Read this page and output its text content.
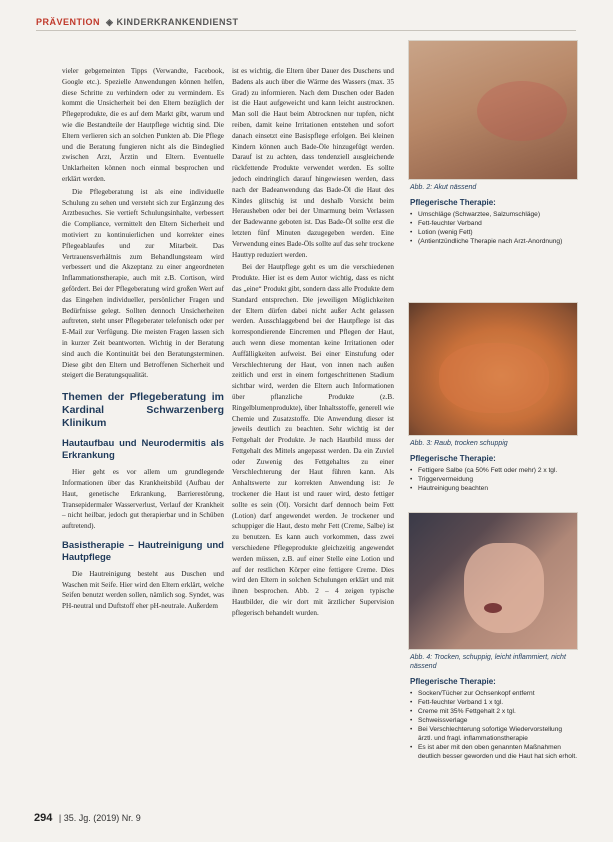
PRÄVENTION  ◈ KINDERKRANKENDIENST

vieler gebgemeinten Tipps (Verwandte, Facebook, Google etc.). Spezielle Anwendungen können helfen, diese Schritte zu verhindern oder zu vermindern. Es kommt die Unsicherheit bei den Eltern bezüglich der Pflegeprodukte, die es auf dem Markt gibt, warum und wie die Bestandteile der Hautpflege wichtig sind. Die Eltern verlieren sich an solchen Punkten ab. Die Pflege und die Beratung fungieren nicht als die Bindeglied zwischen Arzt, Ärztin und Eltern. Eventuelle Unklarheiten können noch einmal besprochen und erklärt werden.

Die Pflegeberatung ist als eine individuelle Schulung zu sehen und versteht sich zur Ergänzung des Arztbesuches. Sie vertieft Schulungsinhalte, verbessert die Compliance, vermittelt den Eltern Sicherheit und motiviert zu kontinuierlichen und korrekter eines Pflegeablaufes und zur Mitarbeit. Das Vertrauensverhältnis zum Behandlungsteam wird verbessert und die Akzeptanz zu einer angeordneten Inflammationstherapie, auch mit z.B. Cortison, wird gefördert. Bei der Pflegeberatung wird großen Wert auf das Eingehen individueller, persönlicher Fragen und Bedürfnisse gelegt. Sollten dennoch Unsicherheiten auftreten, steht unser Pflegeberater telefonisch oder per E-Mail zur Verfügung. Die meisten Fragen lassen sich in kurzer Zeit beantworten. Wichtig in der Beratung sind auch die Kontinuität bei den Beratungsterminen. Diese gibt den Eltern und Betroffenen Sicherheit und steigert die Beratungsqualität.

Themen der Pflegeberatung im Kardinal Schwarzenberg Klinikum
Hautaufbau und Neurodermitis als Erkrankung

Hier geht es vor allem um grundlegende Informationen über das Krankheitsbild (Aufbau der Haut, genetische Erkrankung, Barrierestörung, Transepidermaler Wasserverlust, Verlauf der Krankheit – nicht heilbar, jedoch gut therapierbar und in Schüben auftretend).

Basistherapie – Hautreinigung und Hautpflege

Die Hautreinigung besteht aus Duschen und Waschen mit Seife. Hier wird den Eltern erklärt, welche Seifen benutzt werden sollen, nämlich sog. Syndet, was PH-neutral und Duftstoff eher pH-neutrale. Außerdem

ist es wichtig, die Eltern über Dauer des Duschens und Badens als auch über die Wärme des Wassers (max. 35 Grad) zu informieren. Nach dem Duschen oder Baden ist die Haut aufgeweicht und kann leicht austrocknen. Man soll die Haut beim Abtrocknen nur tupfen, nicht reiben, damit keine Irritationen entstehen und sofort danach einsetzt eine Basispflege erfolgen. Bei kleinen Kindern können auch Bade-Öle hinzugefügt werden. Darauf ist zu achten, dass tendenziell ausgleichende rückfettende Produkte verwendet werden. Es sollte jedoch eindringlich darauf hingewiesen werden, dass nach der Badeanwendung das Bade-Öl die Haut des Kindes glitschig ist und deshalb Vorsicht beim Herausheben oder bei der Umarmung beim Verlassen der Badewanne geboten ist. Das Bade-Öl sollte erst die letzten fünf Minuten dazugegeben werden. Eine Verwendung eines Bade-Öls sollte auf das sehr trockene Hauttyp reduziert werden.

Bei der Hautpflege geht es um die verschiedenen Produkte. Hier ist es dem Autor wichtig, dass es nicht das „eine“ Produkt gibt, sondern dass alle Produkte dem Standard entsprechen. Die jeweiligen Möglichkeiten der Eltern dürfen dabei nicht außer Acht gelassen werden. Ausschlaggebend bei der Hautpflege ist das korrespondierende Eincremen und Pflegen der Haut, auch wenn diese momentan keine Irritationen oder Auffälligkeiten aufweist. Bei einer Einstufung oder Verschlechterung der Haut, von innen nach außen zeitlich und erst in einem fortgeschrittenen Stadium sichtbar wird, werden die Eltern auch Informationen über pflanzliche Produkte (z.B. Ringelblumenprodukte), über Inhaltsstoffe, generell wie Chemie und Zusatzstoffe. Die Anwendung dieser ist jeweils deutlich zu beachten. Sehr wichtig ist der Fettgehalt der Produkte. Je nach Hautbild muss der Fettgehalt des Mittels angepasst werden. Da ein Zuviel oder Zuwenig des Fettgehaltes zu einer Verschlechterung der Haut führen kann. Als Anhaltswerte zur korrekten Anwendung ist: Je trockener die Haut ist und rauer wird, desto fettiger sollte es sein (Öl). Vorsicht darf dennoch beim Fett (Lotion) darf angewendet werden. Je trockener und schuppiger die Haut, desto mehr Fett (Creme, Salbe) ist zu benutzen. Es kann auch vorkommen, dass zwei verschiedene Pflegeprodukte gleichzeitig angewendet werden müssen, z.B. auf einer Stelle eine Lotion und auf der restlichen Körper eine fettigere Creme. Dies wird den Eltern in solchen Schulungen erklärt und mit ihnen besprochen. Abb. 2 – 4 zeigen typische Hautbilder, die wir dort mit ärztlicher Supervision pflegerisch behandelt wurden.

Abb. 2: Akut nässend
Pflegerische Therapie:
• Umschläge (Schwarztee, Salzumschläge)
• Fett-feuchter Verband
• Lotion (wenig Fett)
• (Antientzündliche Therapie nach Arzt-Anordnung)
Abb. 3: Raub, trocken schuppig
Pflegerische Therapie:
• Fettigere Salbe (ca 50% Fett oder mehr) 2 x tgl.
• Triggervermeidung
• Hautreinigung beachten
Abb. 4: Trocken, schuppig, leicht inflammiert, nicht nässend
Pflegerische Therapie:
• Socken/Tücher zur Ochsenkopf entfernt
• Fett-feuchter Verband 1 x tgl.
• Creme mit 35% Fettgehalt 2 x tgl.
• Schweissverlage
• Bei Verschlechterung sofortige Wiedervorstellung ärztl. und fragl. inflammationstherapie
• Es ist aber mit den oben genannten Maßnahmen deutlich besser geworden und die Haut hat sich erholt.
294 | 35. Jg. (2019) Nr. 9
